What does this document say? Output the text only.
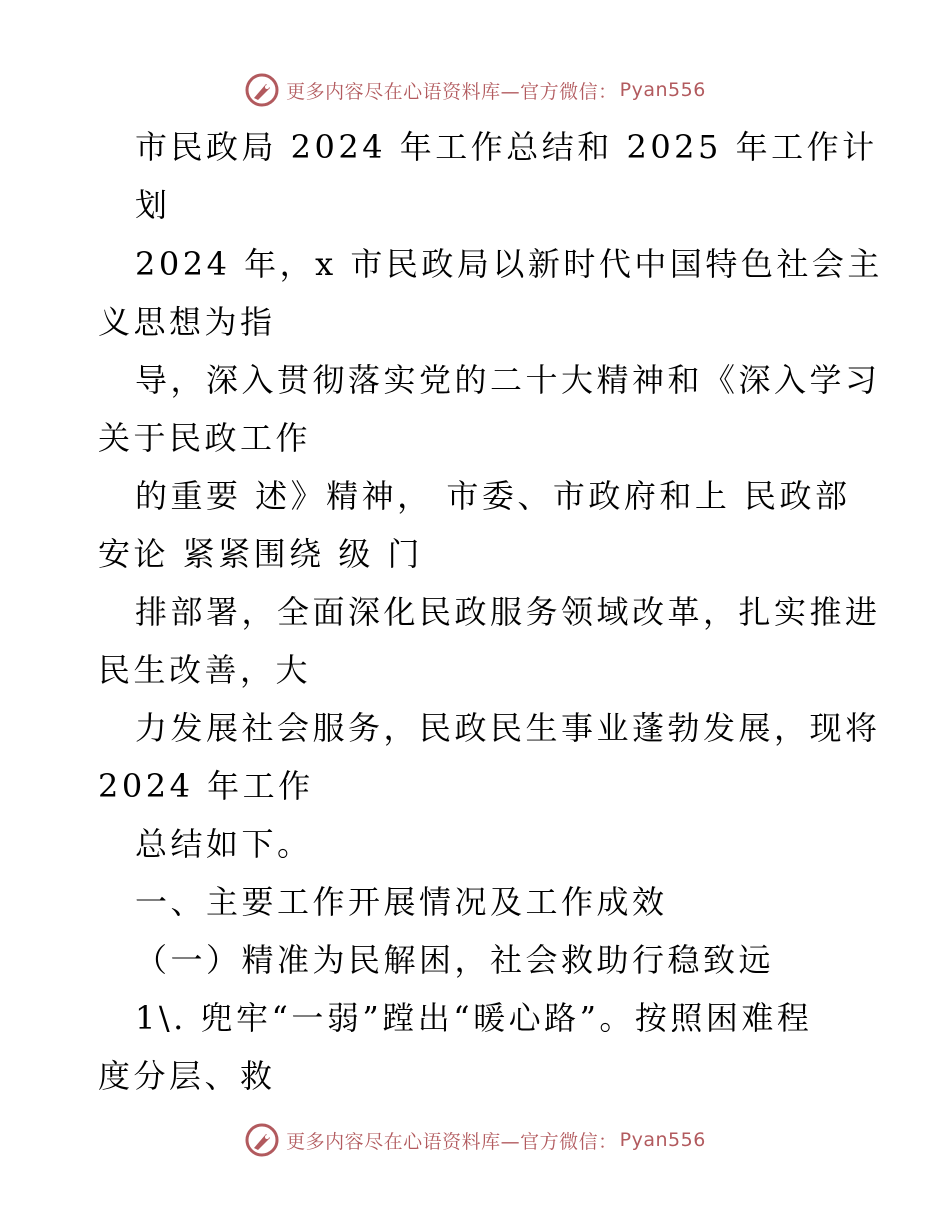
更多内容尽在心语资料库—官方微信： Pyan556
市民政局 2024 年工作总结和 2025 年工作计
划
2024 年，x 市民政局以新时代中国特色社会主
义思想为指
导，深入贯彻落实党的二十大精神和《深入学习
关于民政工作
的重要 述》精神， 市委、市政府和上 民政部
安论 紧紧围绕 级 门
排部署，全面深化民政服务领域改革，扎实推进
民生改善，大
力发展社会服务，民政民生事业蓬勃发展，现将
2024 年工作
总结如下。
一、主要工作开展情况及工作成效
（一）精准为民解困，社会救助行稳致远
1\. 兜牢“一弱”蹚出“暖心路”。按照困难程
度分层、救
更多内容尽在心语资料库—官方微信： Pyan556
